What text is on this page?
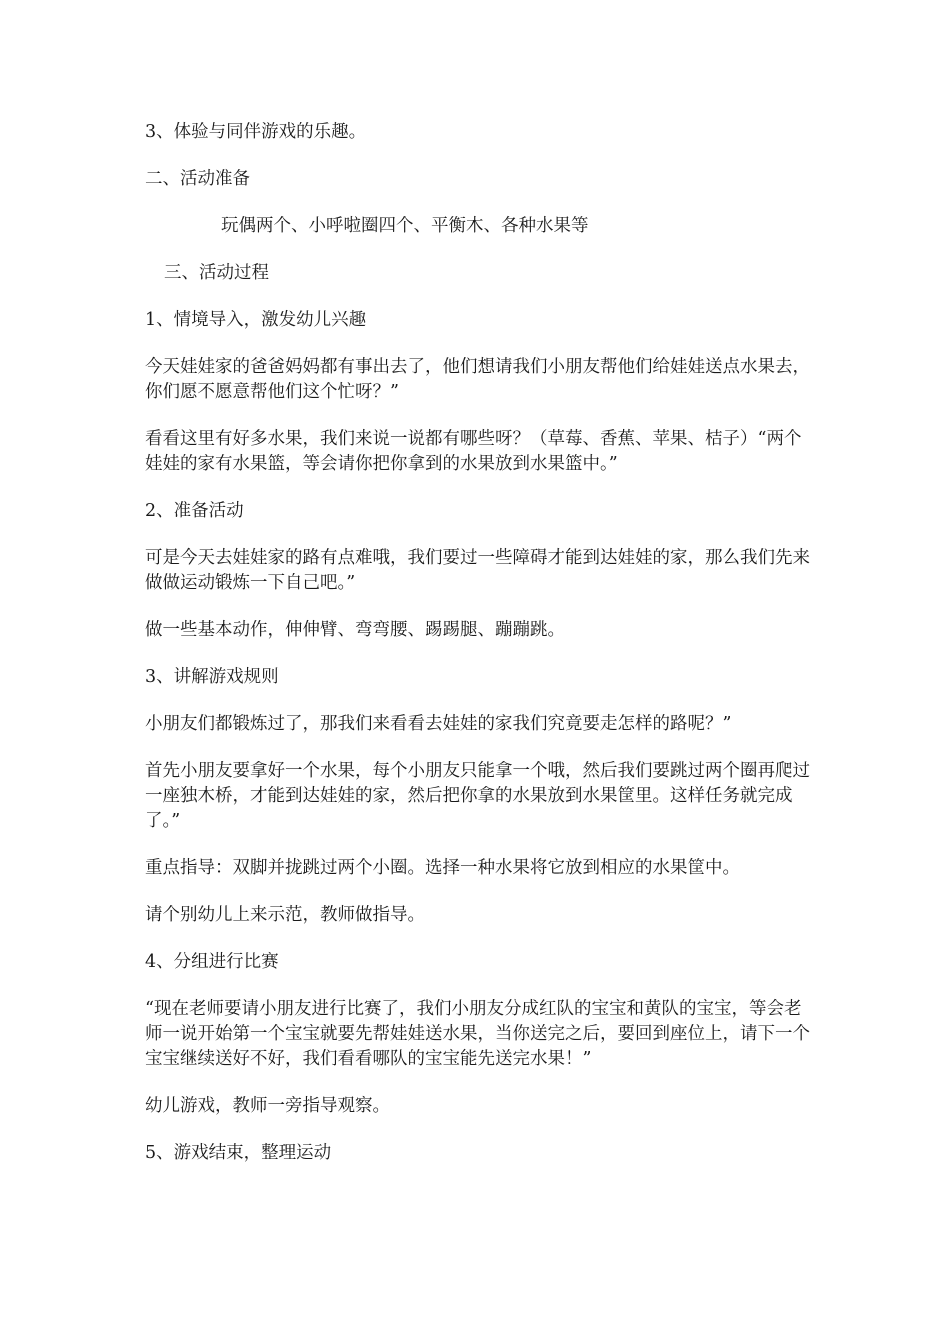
3、体验与同伴游戏的乐趣。

二、活动准备

玩偶两个、小呼啦圈四个、平衡木、各种水果等

三、活动过程

1、情境导入，激发幼儿兴趣

今天娃娃家的爸爸妈妈都有事出去了，他们想请我们小朋友帮他们给娃娃送点水果去，你们愿不愿意帮他们这个忙呀？”

看看这里有好多水果，我们来说一说都有哪些呀？（草莓、香蕉、苹果、桔子）“两个娃娃的家有水果篮，等会请你把你拿到的水果放到水果篮中。”

2、准备活动

可是今天去娃娃家的路有点难哦，我们要过一些障碍才能到达娃娃的家，那么我们先来做做运动锻炼一下自己吧。”

做一些基本动作，伸伸臂、弯弯腰、踢踢腿、蹦蹦跳。

3、讲解游戏规则

小朋友们都锻炼过了，那我们来看看去娃娃的家我们究竟要走怎样的路呢？”

首先小朋友要拿好一个水果，每个小朋友只能拿一个哦，然后我们要跳过两个圈再爬过一座独木桥，才能到达娃娃的家，然后把你拿的水果放到水果筐里。这样任务就完成了。”

重点指导：双脚并拢跳过两个小圈。选择一种水果将它放到相应的水果筐中。

请个别幼儿上来示范，教师做指导。

4、分组进行比赛

“现在老师要请小朋友进行比赛了，我们小朋友分成红队的宝宝和黄队的宝宝，等会老师一说开始第一个宝宝就要先帮娃娃送水果，当你送完之后，要回到座位上，请下一个宝宝继续送好不好，我们看看哪队的宝宝能先送完水果！”

幼儿游戏，教师一旁指导观察。

5、游戏结束，整理运动
